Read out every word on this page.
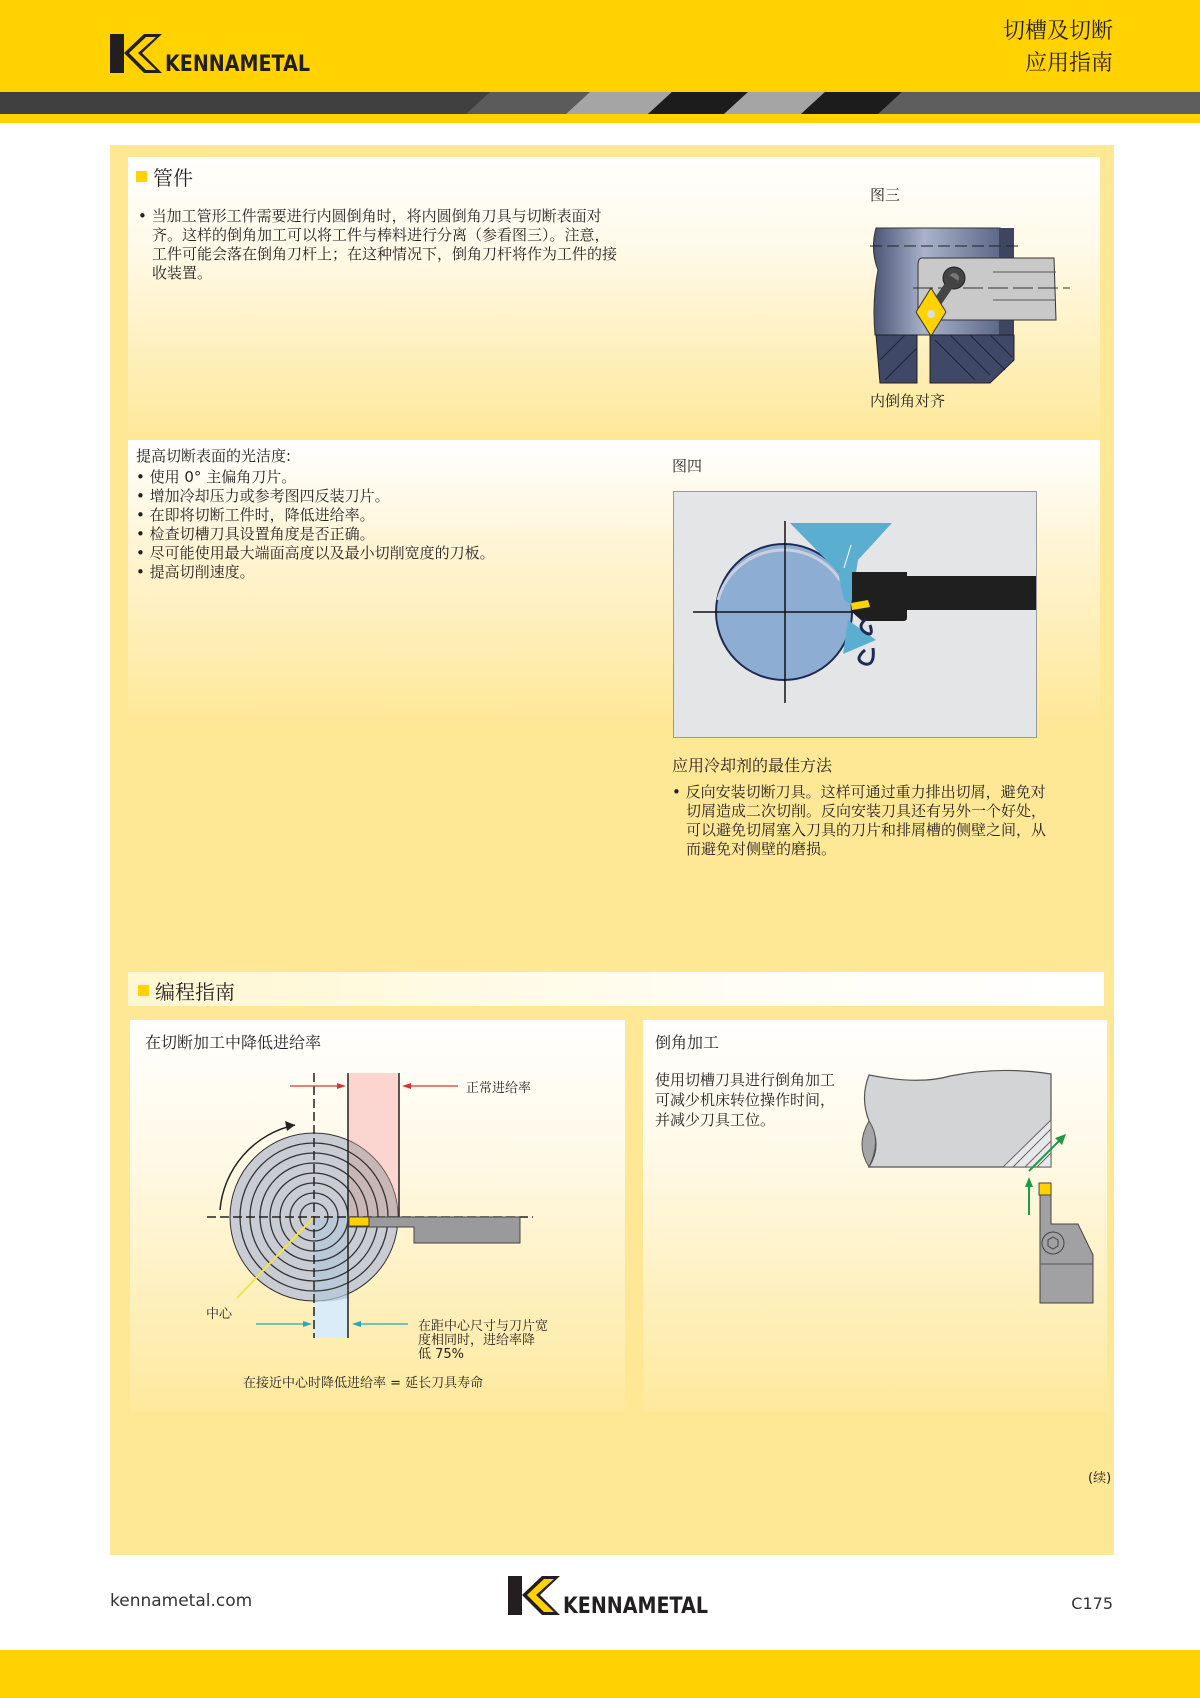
KENNAMETAL
切槽及切断
应用指南
管件
• 当加工管形工件需要进行内圆倒角时，将内圆倒角刀具与切断表面对齐。这样的倒角加工可以将工件与棒料进行分离（参看图三）。注意，工件可能会落在倒角刀杆上；在这种情况下，倒角刀杆将作为工件的接收装置。
图三
内倒角对齐
提高切断表面的光洁度:
• 使用 0° 主偏角刀片。
• 增加冷却压力或参考图四反装刀片。
• 在即将切断工件时，降低进给率。
• 检查切槽刀具设置角度是否正确。
• 尽可能使用最大端面高度以及最小切削宽度的刀板。
• 提高切削速度。
图四
应用冷却剂的最佳方法
• 反向安装切断刀具。这样可通过重力排出切屑，避免对切屑造成二次切削。反向安装刀具还有另外一个好处，可以避免切屑塞入刀具的刀片和排屑槽的侧壁之间，从而避免对侧壁的磨损。
编程指南
在切断加工中降低进给率
正常进给率
中心
在距中心尺寸与刀片宽
度相同时，进给率降
低 75%
在接近中心时降低进给率 = 延长刀具寿命
倒角加工
使用切槽刀具进行倒角加工可减少机床转位操作时间，并减少刀具工位。
(续)
kennametal.com	KENNAMETAL	C175
